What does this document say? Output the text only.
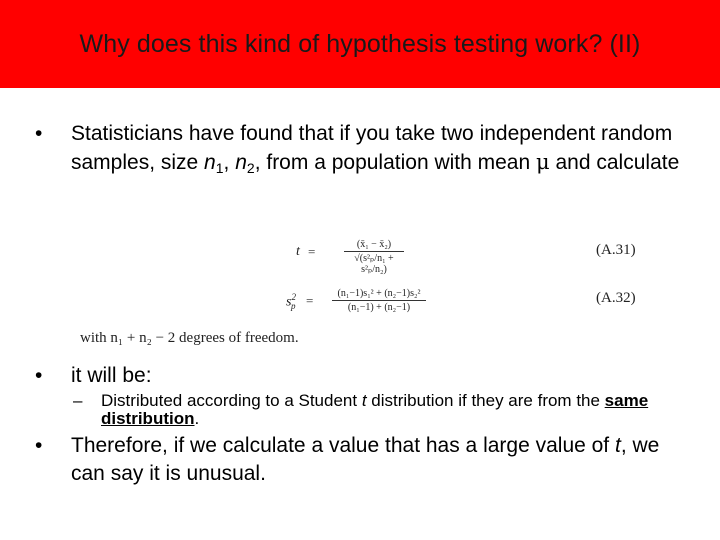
Why does this kind of hypothesis testing work? (II)
• Statisticians have found that if you take two independent random samples, size $n_1$, $n_2$, from a population with mean μ and calculate
t =	$\frac{\text{(x̄₁ − x̄₂)}}{\text{√(s²ₚ/n₁ + s²ₚ/n₂)}}$	(A.31)
$s^2_p = \frac{\text{(n₁−1)s₁² + (n₂−1)s₂²}}{\text{(n₁−1) + (n₂−1)}}$	(A.32)
with n₁ + n₂ − 2 degrees of freedom.
• it will be:
– Distributed according to a Student t distribution if they are from the same distribution.
• Therefore, if we calculate a value that has a large value of t, we can say it is unusual.
